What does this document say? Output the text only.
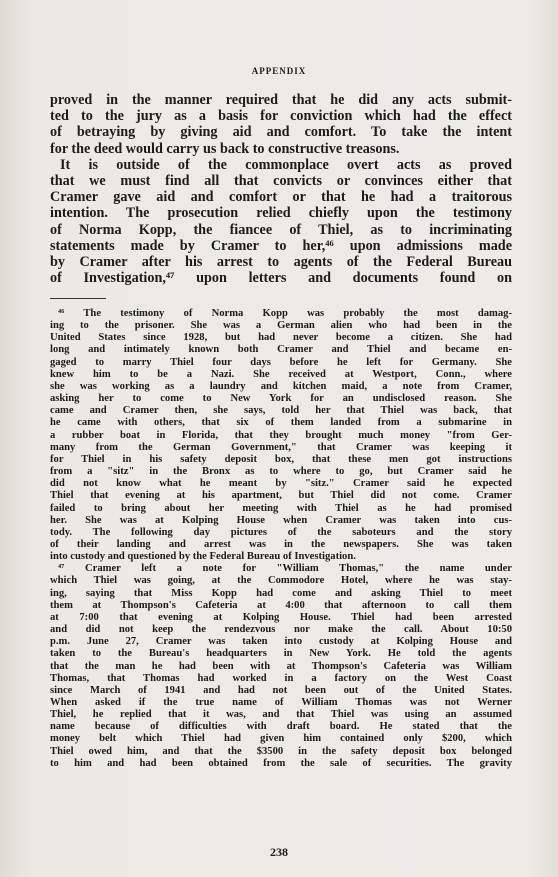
APPENDIX
proved in the manner required that he did any acts submit-
ted to the jury as a basis for conviction which had the effect
of betraying by giving aid and comfort. To take the intent
for the deed would carry us back to constructive treasons.
It is outside of the commonplace overt acts as proved
that we must find all that convicts or convinces either that
Cramer gave aid and comfort or that he had a traitorous
intention. The prosecution relied chiefly upon the testimony
of Norma Kopp, the fiancee of Thiel, as to incriminating
statements made by Cramer to her,⁴⁶ upon admissions made
by Cramer after his arrest to agents of the Federal Bureau
of Investigation,⁴⁷ upon letters and documents found on
⁴⁶ The testimony of Norma Kopp was probably the most damag-
ing to the prisoner. She was a German alien who had been in the
United States since 1928, but had never become a citizen. She had
long and intimately known both Cramer and Thiel and became en-
gaged to marry Thiel four days before he left for Germany. She
knew him to be a Nazi. She received at Westport, Conn., where
she was working as a laundry and kitchen maid, a note from Cramer,
asking her to come to New York for an undisclosed reason. She
came and Cramer then, she says, told her that Thiel was back, that
he came with others, that six of them landed from a submarine in
a rubber boat in Florida, that they brought much money "from Ger-
many from the German Government," that Cramer was keeping it
for Thiel in his safety deposit box, that these men got instructions
from a "sitz" in the Bronx as to where to go, but Cramer said he
did not know what he meant by "sitz." Cramer said he expected
Thiel that evening at his apartment, but Thiel did not come. Cramer
failed to bring about her meeting with Thiel as he had promised
her. She was at Kolping House when Cramer was taken into cus-
tody. The following day pictures of the saboteurs and the story
of their landing and arrest was in the newspapers. She was taken
into custody and questioned by the Federal Bureau of Investigation.
⁴⁷ Cramer left a note for "William Thomas," the name under
which Thiel was going, at the Commodore Hotel, where he was stay-
ing, saying that Miss Kopp had come and asking Thiel to meet
them at Thompson's Cafeteria at 4:00 that afternoon to call them
at 7:00 that evening at Kolping House. Thiel had been arrested
and did not keep the rendezvous nor make the call. About 10:50
p.m. June 27, Cramer was taken into custody at Kolping House and
taken to the Bureau's headquarters in New York. He told the agents
that the man he had been with at Thompson's Cafeteria was William
Thomas, that Thomas had worked in a factory on the West Coast
since March of 1941 and had not been out of the United States.
When asked if the true name of William Thomas was not Werner
Thiel, he replied that it was, and that Thiel was using an assumed
name because of difficulties with draft board. He stated that the
money belt which Thiel had given him contained only $200, which
Thiel owed him, and that the $3500 in the safety deposit box belonged
to him and had been obtained from the sale of securities. The gravity
238
